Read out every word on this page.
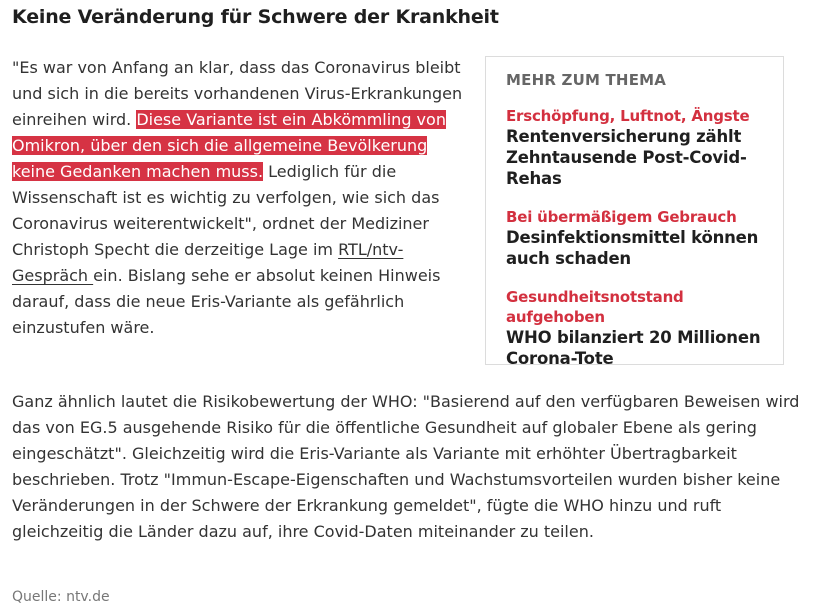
Keine Veränderung für Schwere der Krankheit

"Es war von Anfang an klar, dass das Coronavirus bleibt und sich in die bereits vorhandenen Virus-Erkrankungen einreihen wird. Diese Variante ist ein Abkömmling von Omikron, über den sich die allgemeine Bevölkerung keine Gedanken machen muss. Lediglich für die Wissenschaft ist es wichtig zu verfolgen, wie sich das Coronavirus weiterentwickelt", ordnet der Mediziner Christoph Specht die derzeitige Lage im RTL/ntv-Gespräch ein. Bislang sehe er absolut keinen Hinweis darauf, dass die neue Eris-Variante als gefährlich einzustufen wäre.

MEHR ZUM THEMA
Erschöpfung, Luftnot, Ängste
Rentenversicherung zählt Zehntausende Post-Covid-Rehas
Bei übermäßigem Gebrauch
Desinfektionsmittel können auch schaden
Gesundheitsnotstand aufgehoben
WHO bilanziert 20 Millionen Corona-Tote

Ganz ähnlich lautet die Risikobewertung der WHO: "Basierend auf den verfügbaren Beweisen wird das von EG.5 ausgehende Risiko für die öffentliche Gesundheit auf globaler Ebene als gering eingeschätzt". Gleichzeitig wird die Eris-Variante als Variante mit erhöhter Übertragbarkeit beschrieben. Trotz "Immun-Escape-Eigenschaften und Wachstumsvorteilen wurden bisher keine Veränderungen in der Schwere der Erkrankung gemeldet", fügte die WHO hinzu und ruft gleichzeitig die Länder dazu auf, ihre Covid-Daten miteinander zu teilen.

Quelle: ntv.de
